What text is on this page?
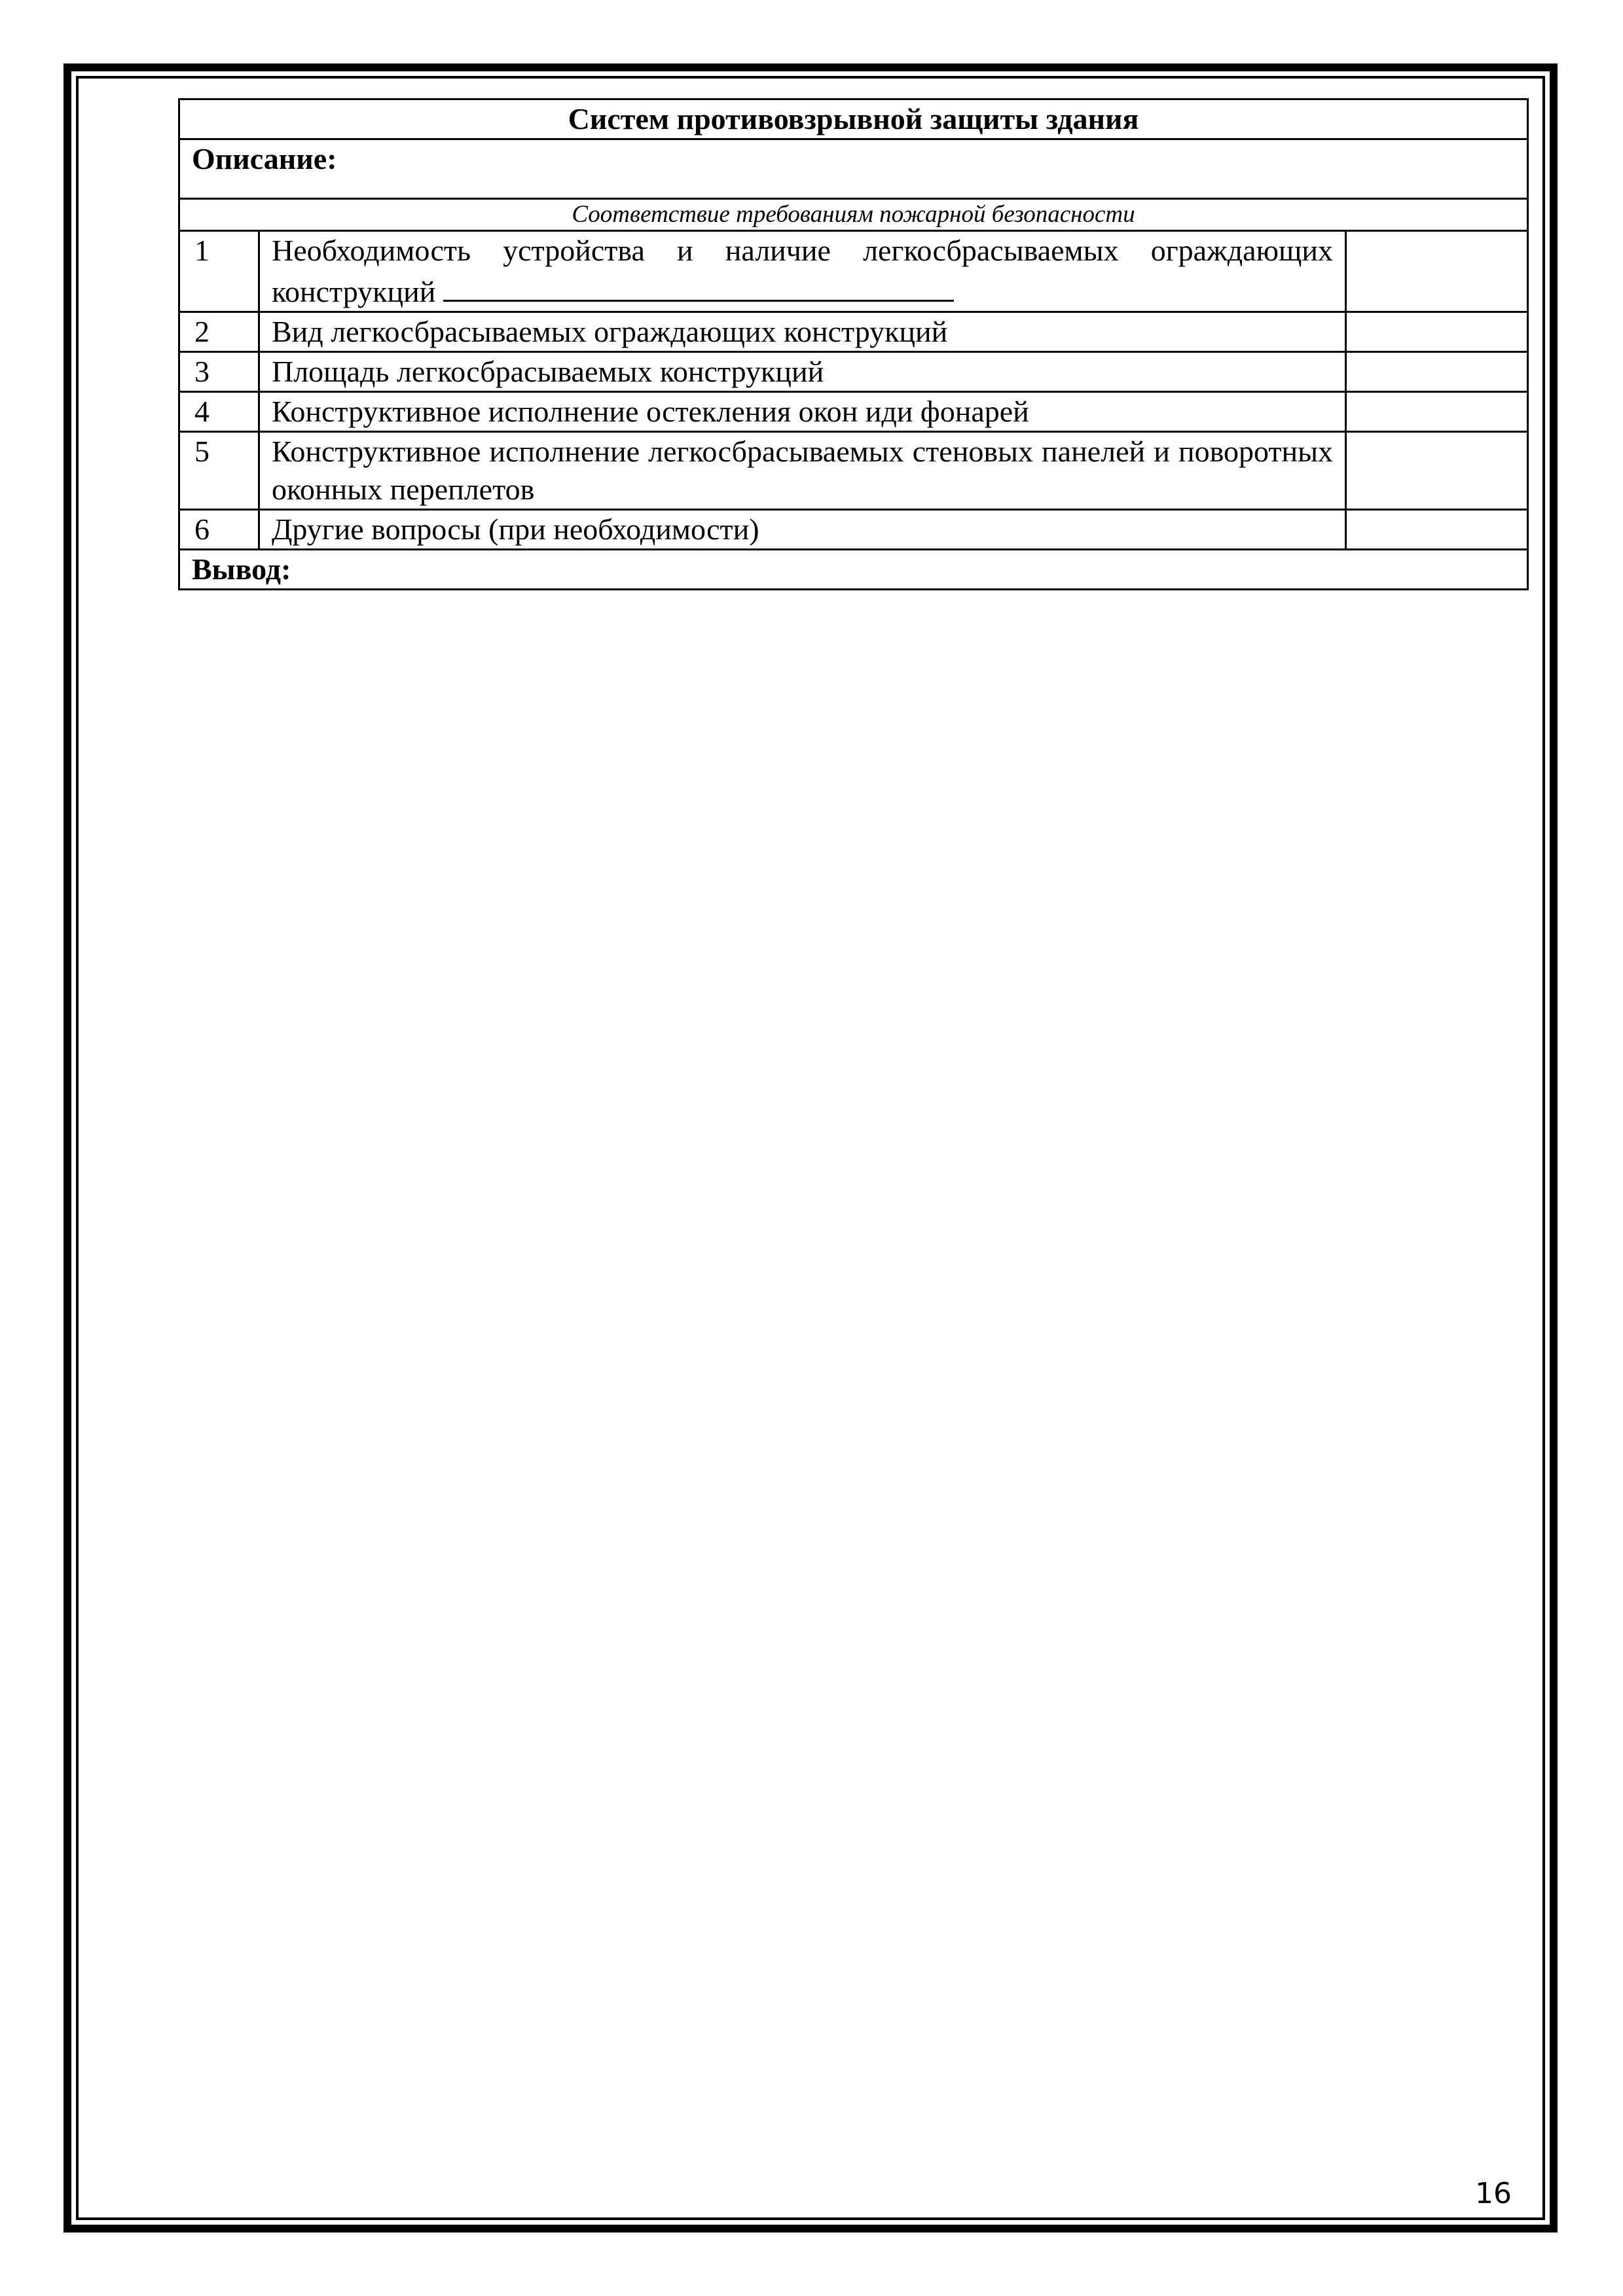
Систем противовзрывной защиты здания		
Описание:		
Соответствие требованиям пожарной безопасности		
1	Необходимость устройства и наличие легкосбрасываемых ограждающих конструкций	
2	Вид легкосбрасываемых ограждающих конструкций	
3	Площадь легкосбрасываемых конструкций	
4	Конструктивное исполнение остекления окон иди фонарей	
5	Конструктивное исполнение легкосбрасываемых стеновых панелей и поворотных оконных переплетов	
6	Другие вопросы (при необходимости)	
Вывод:		
16
